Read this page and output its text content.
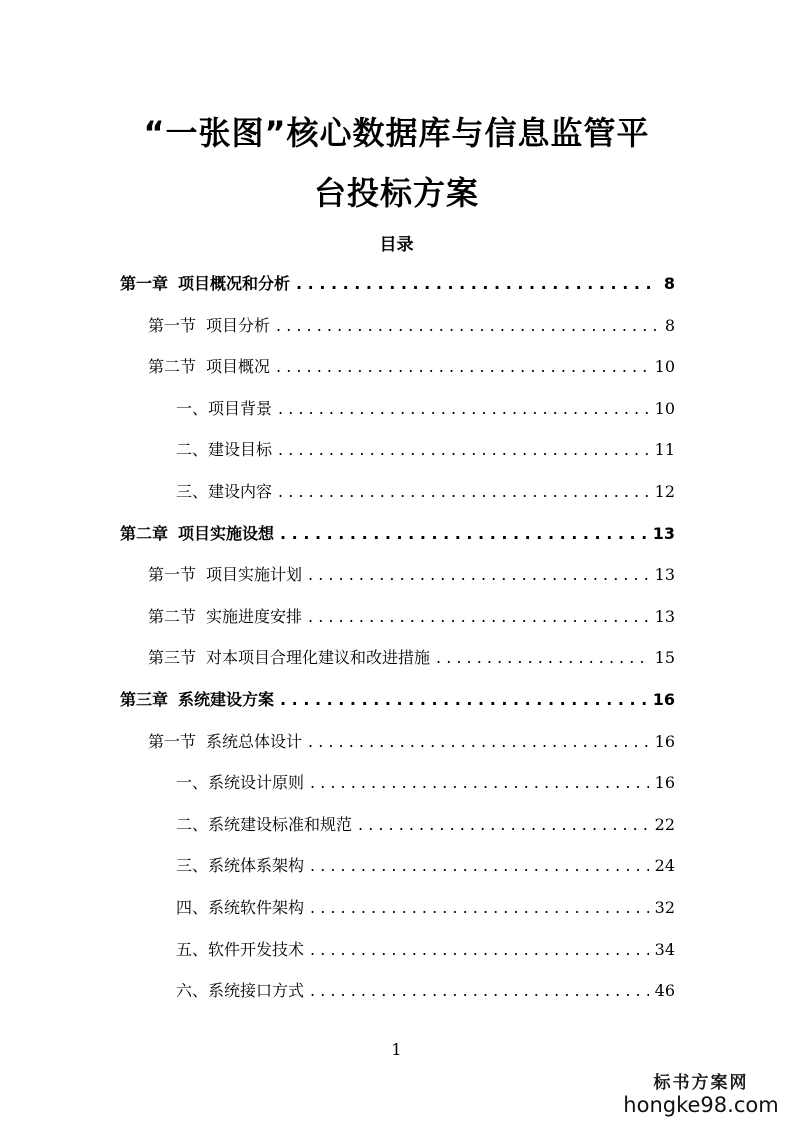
“一张图”核心数据库与信息监管平
台投标方案
目录
第一章 项目概况和分析 . . .	8
第一节 项目分析 . . .	8
第二节 项目概况 . . .	10
一、项目背景 . . .	10
二、建设目标 . . .	11
三、建设内容 . . .	12
第二章 项目实施设想 . . .	13
第一节 项目实施计划 . . .	13
第二节 实施进度安排 . . .	13
第三节 对本项目合理化建议和改进措施 . . .	15
第三章 系统建设方案 . . .	16
第一节 系统总体设计 . . .	16
一、系统设计原则 . . .	16
二、系统建设标准和规范 . . .	22
三、系统体系架构 . . .	24
四、系统软件架构 . . .	32
五、软件开发技术 . . .	34
六、系统接口方式 . . .	46
1
标书方案网
hongke98.com
